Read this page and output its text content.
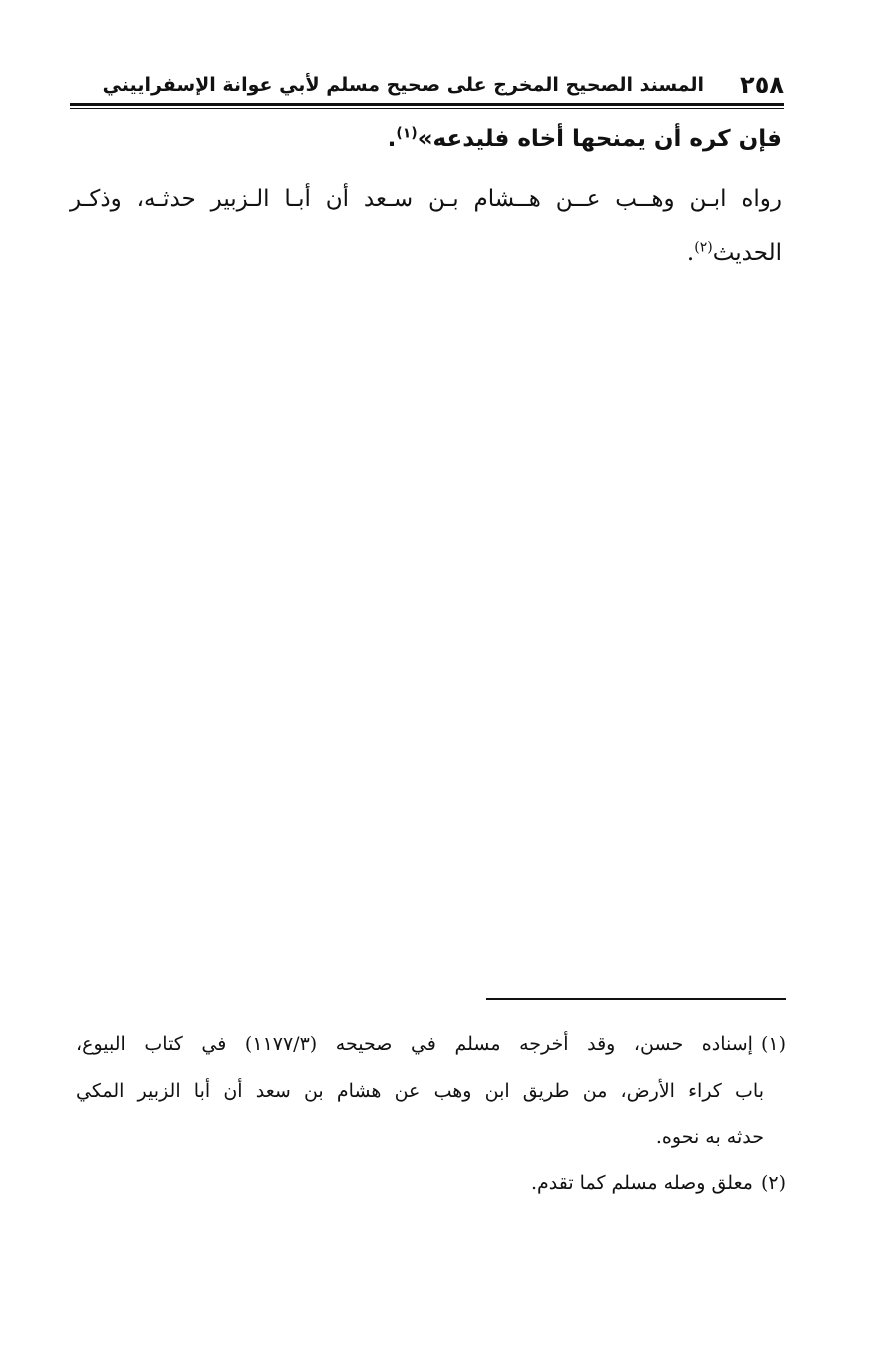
٢٥٨
المسند الصحيح المخرج على صحيح مسلم لأبي عوانة الإسفراييني
فإن كره أن يمنحها أخاه فليدعه»$^{(١)}$.
رواه ابـن وهــب عــن هــشام بـن سـعد أن أبـا الـزبير حدثـه، وذكـر
الحديث$^{(٢)}$.
(١)إسناده حسن، وقد أخرجه مسلم في صحيحه (١١٧٧/٣) في كتاب البيوع،
باب كراء الأرض، من طريق ابن وهب عن هشام بن سعد أن أبا الزبير المكي
حدثه به نحوه.
(٢)معلق وصله مسلم كما تقدم.
